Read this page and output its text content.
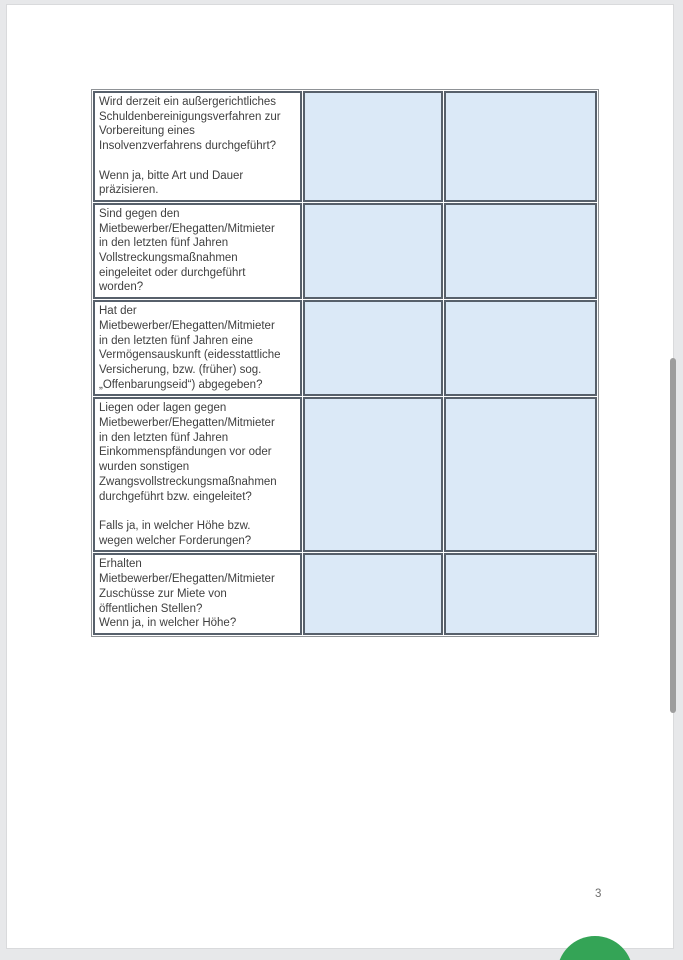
Wird derzeit ein außergerichtliches
Schuldenbereinigungsverfahren zur
Vorbereitung eines
Insolvenzverfahrens durchgeführt?

Wenn ja, bitte Art und Dauer
präzisieren.

Sind gegen den
Mietbewerber/Ehegatten/Mitmieter
in den letzten fünf Jahren
Vollstreckungsmaßnahmen
eingeleitet oder durchgeführt
worden?

Hat der
Mietbewerber/Ehegatten/Mitmieter
in den letzten fünf Jahren eine
Vermögensauskunft (eidesstattliche
Versicherung, bzw. (früher) sog.
„Offenbarungseid“) abgegeben?

Liegen oder lagen gegen
Mietbewerber/Ehegatten/Mitmieter
in den letzten fünf Jahren
Einkommenspfändungen vor oder
wurden sonstigen
Zwangsvollstreckungsmaßnahmen
durchgeführt bzw. eingeleitet?

Falls ja, in welcher Höhe bzw.
wegen welcher Forderungen?

Erhalten
Mietbewerber/Ehegatten/Mitmieter
Zuschüsse zur Miete von
öffentlichen Stellen?
Wenn ja, in welcher Höhe?		

3
